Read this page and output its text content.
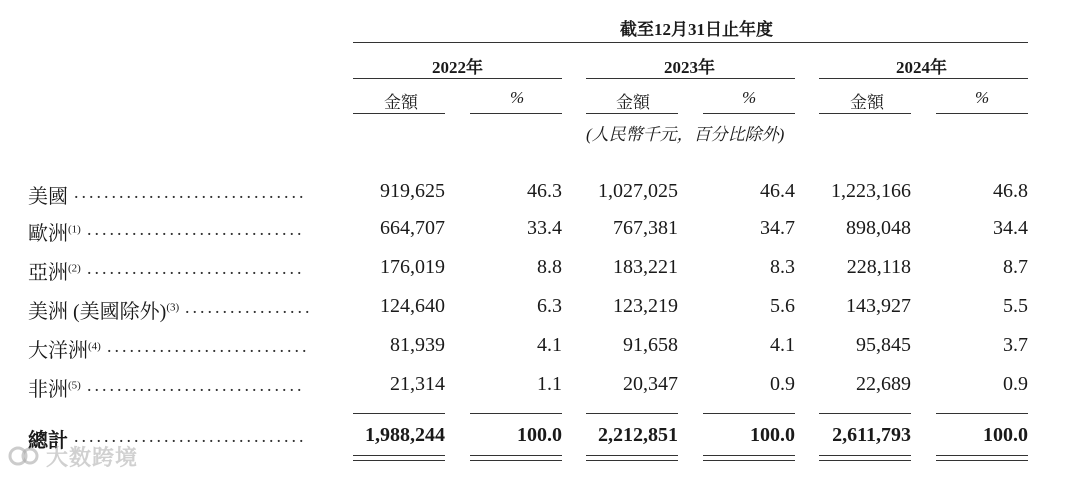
截至12月31日止年度
2022年	2023年	2024年
金額	%	金額	%	金額	%
(人民幣千元，百分比除外)
美國 ...............................	919,625	46.3 1,027,025	46.4 1,223,166	46.8
歐洲$^{(1)}$ .............................	664,707	33.4	767,381	34.7	898,048	34.4
亞洲$^{(2)}$ .............................	176,019	8.8	183,221	8.3	228,118	8.7
美洲 (美國除外)$^{(3)}$ .................	124,640	6.3	123,219	5.6	143,927	5.5
大洋洲$^{(4)}$ ...........................	81,939	4.1	91,658	4.1	95,845	3.7
非洲$^{(5)}$ .............................	21,314	1.1	20,347	0.9	22,689	0.9
總計 ...............................	1,988,244	100.0 2,212,851	100.0 2,611,793	100.0
大数跨境
